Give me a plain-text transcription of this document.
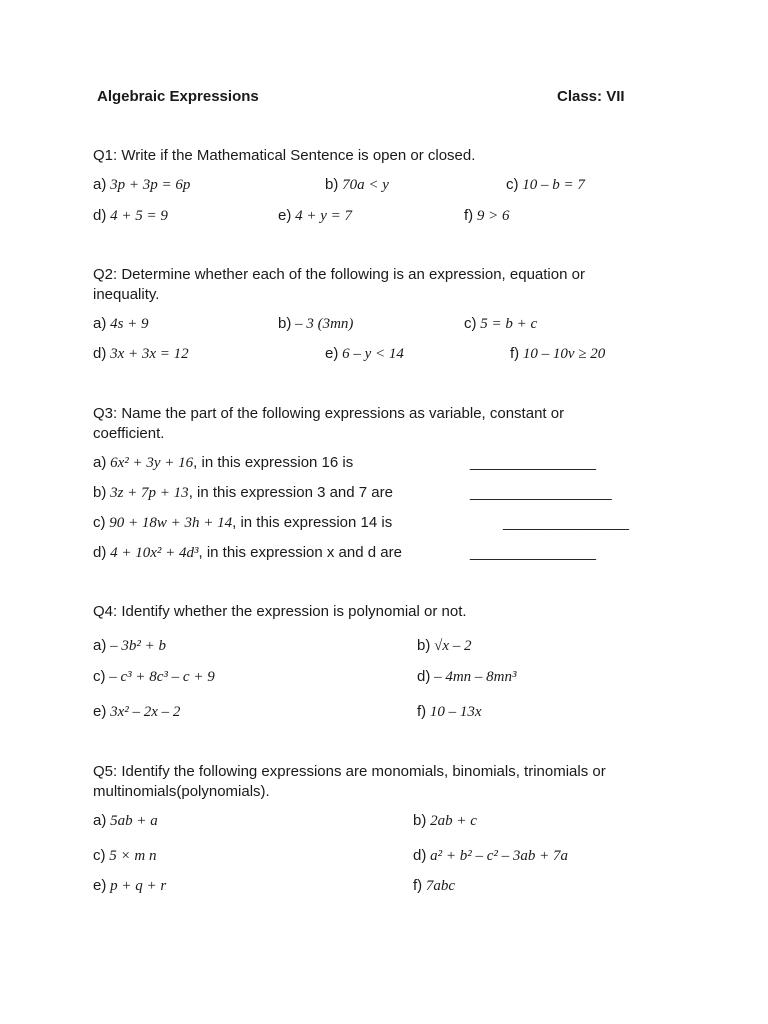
Algebraic Expressions	Class: VII
Q1: Write if the Mathematical Sentence is open or closed.
a) 3p + 3p = 6p	b) 70a < y	c) 10 – b = 7
d) 4 + 5 = 9	e) 4 + y = 7	f) 9 > 6
Q2: Determine whether each of the following is an expression, equation or
inequality.
a) 4s + 9	b) – 3 (3mn)	c) 5 = b + c
d) 3x + 3x = 12	e) 6 – y < 14	f) 10 – 10v ≥ 20
Q3: Name the part of the following expressions as variable, constant or
coefficient.
a) 6x² + 3y + 16, in this expression 16 is	________________
b) 3z + 7p + 13, in this expression 3 and 7 are	__________________
c) 90 + 18w + 3h + 14, in this expression 14 is	________________
d) 4 + 10x² + 4d³, in this expression x and d are	________________
Q4: Identify whether the expression is polynomial or not.
a) – 3b² + b	b) √x – 2
c) – c³ + 8c³ – c + 9	d) – 4mn – 8mn³
e) 3x² – 2x – 2	f) 10 – 13x
Q5: Identify the following expressions are monomials, binomials, trinomials or
multinomials(polynomials).
a) 5ab + a	b) 2ab + c
c) 5 × m n	d) a² + b² – c² – 3ab + 7a
e) p + q + r	f) 7abc
